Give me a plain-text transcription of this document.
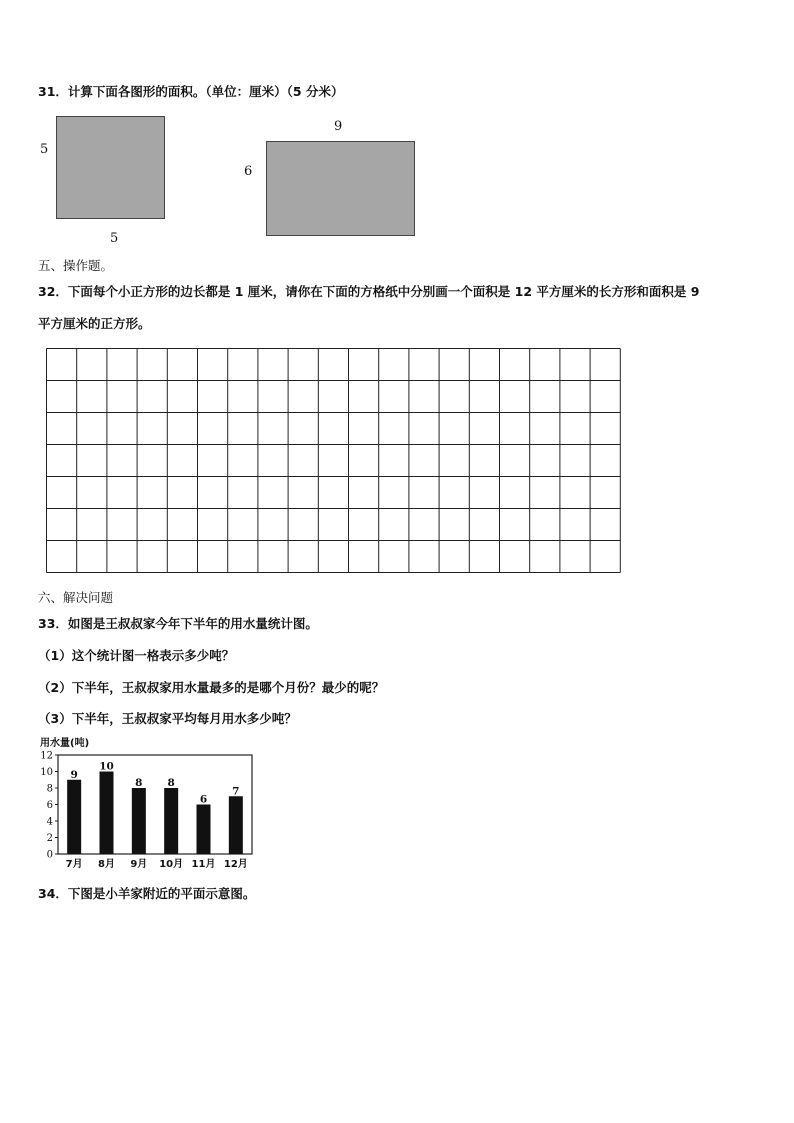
31．计算下面各图形的面积。（单位：厘米）（5 分米）
5
5
9
6
五、操作题。
32．下面每个小正方形的边长都是 1 厘米，请你在下面的方格纸中分别画一个面积是 12 平方厘米的长方形和面积是 9
平方厘米的正方形。
六、解决问题
33．如图是王叔叔家今年下半年的用水量统计图。
（1）这个统计图一格表示多少吨？
（2）下半年，王叔叔家用水量最多的是哪个月份？最少的呢？
（3）下半年，王叔叔家平均每月用水多少吨？
用水量(吨)
0
2
4
6
8
10
12
9
7月
10
8月
8
9月
8
10月
6
11月
7
12月
34．下图是小羊家附近的平面示意图。
